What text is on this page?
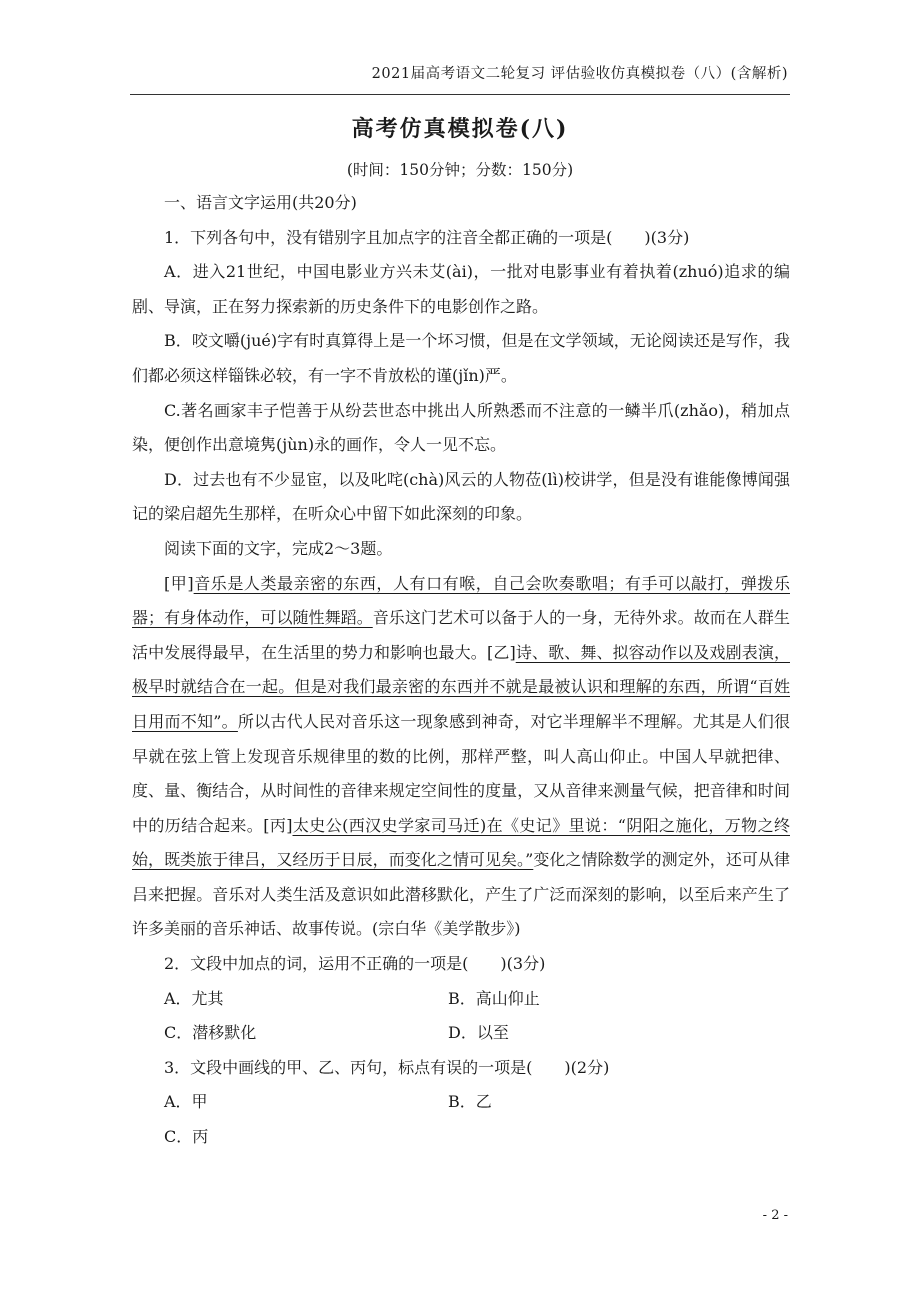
2021届高考语文二轮复习 评估验收仿真模拟卷（八）(含解析)
高考仿真模拟卷(八)
(时间：150分钟；分数：150分)

一、语言文字运用(共20分)

1．下列各句中，没有错别字且加点字的注音全都正确的一项是(　　)(3分)

A．进入21世纪，中国电影业方兴未艾(ài)，一批对电影事业有着执着(zhuó)追求的编剧、导演，正在努力探索新的历史条件下的电影创作之路。

B．咬文嚼(jué)字有时真算得上是一个坏习惯，但是在文学领域，无论阅读还是写作，我们都必须这样锱铢必较，有一字不肯放松的谨(jǐn)严。

C.著名画家丰子恺善于从纷芸世态中挑出人所熟悉而不注意的一鳞半爪(zhǎo)，稍加点染，便创作出意境隽(jùn)永的画作，令人一见不忘。

D．过去也有不少显宦，以及叱咤(chà)风云的人物莅(lì)校讲学，但是没有谁能像博闻强记的梁启超先生那样，在听众心中留下如此深刻的印象。

阅读下面的文字，完成2～3题。

[甲]音乐是人类最亲密的东西，人有口有喉，自己会吹奏歌唱；有手可以敲打，弹拨乐器；有身体动作，可以随性舞蹈。音乐这门艺术可以备于人的一身，无待外求。故而在人群生活中发展得最早，在生活里的势力和影响也最大。[乙]诗、歌、舞、拟容动作以及戏剧表演，极早时就结合在一起。但是对我们最亲密的东西并不就是最被认识和理解的东西，所谓“百姓日用而不知”。所以古代人民对音乐这一现象感到神奇，对它半理解半不理解。尤其是人们很早就在弦上管上发现音乐规律里的数的比例，那样严整，叫人高山仰止。中国人早就把律、度、量、衡结合，从时间性的音律来规定空间性的度量，又从音律来测量气候，把音律和时间中的历结合起来。[丙]太史公(西汉史学家司马迁)在《史记》里说：“阴阳之施化，万物之终始，既类旅于律吕，又经历于日辰，而变化之情可见矣。”变化之情除数学的测定外，还可从律吕来把握。音乐对人类生活及意识如此潜移默化，产生了广泛而深刻的影响，以至后来产生了许多美丽的音乐神话、故事传说。(宗白华《美学散步》)

2．文段中加点的词，运用不正确的一项是(　　)(3分)

A．尤其	B．高山仰止
C．潜移默化	D．以至

3．文段中画线的甲、乙、丙句，标点有误的一项是(　　)(2分)

A．甲	B．乙

C．丙

- 2 -
